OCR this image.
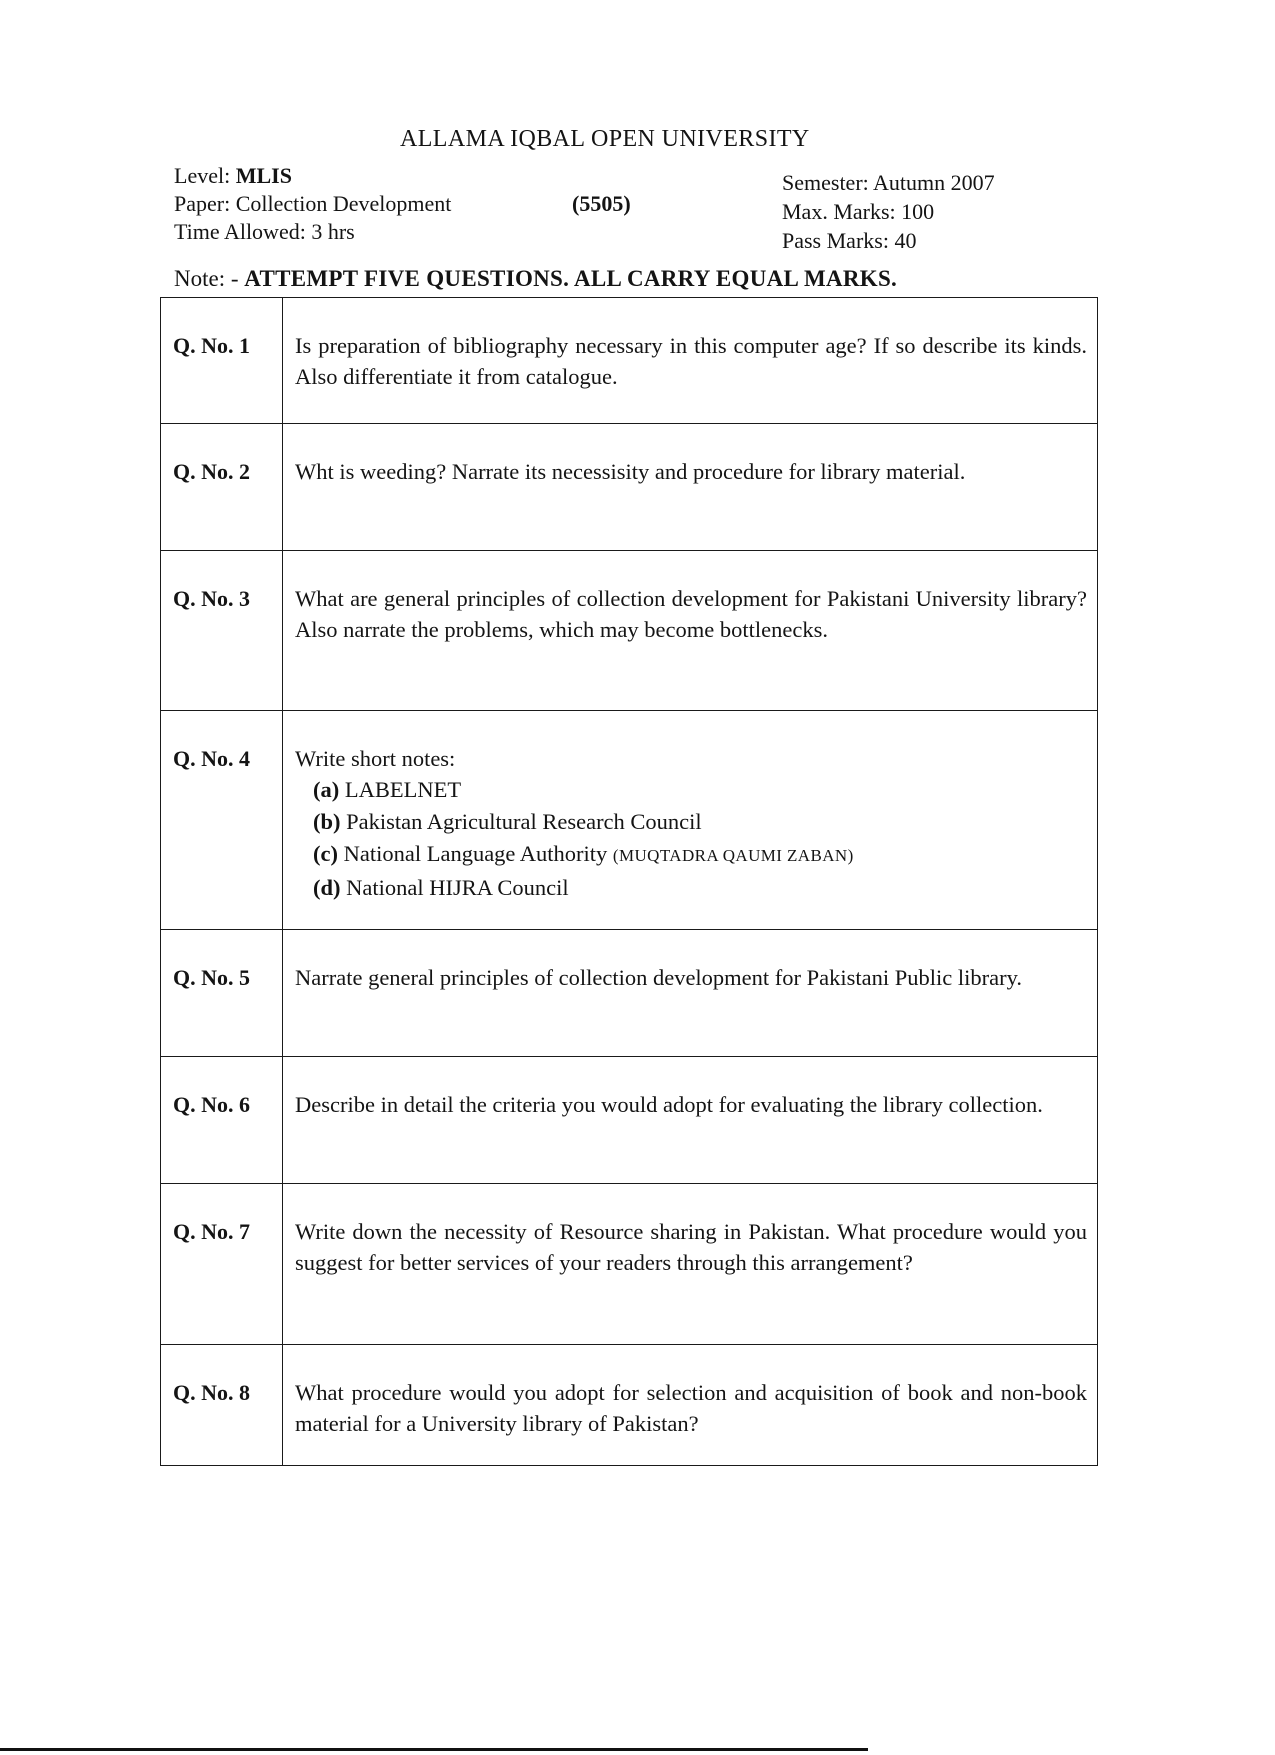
ALLAMA IQBAL OPEN UNIVERSITY
Level: MLIS
Paper: Collection Development	(5505)
Time Allowed: 3 hrs
Semester: Autumn 2007
Max. Marks: 100
Pass Marks: 40
Note: - ATTEMPT FIVE QUESTIONS. ALL CARRY EQUAL MARKS.
Q. No. 1	Is preparation of bibliography necessary in this computer age? If so describe its kinds. Also differentiate it from catalogue.
Q. No. 2	Wht is weeding? Narrate its necessisity and procedure for library material.
Q. No. 3	What are general principles of collection development for Pakistani University library? Also narrate the problems, which may become bottlenecks.
Q. No. 4	Write short notes:
(a) LABELNET
(b) Pakistan Agricultural Research Council
(c) National Language Authority (MUQTADRA QAUMI ZABAN)
(d) National HIJRA Council
Q. No. 5	Narrate general principles of collection development for Pakistani Public library.
Q. No. 6	Describe in detail the criteria you would adopt for evaluating the library collection.
Q. No. 7	Write down the necessity of Resource sharing in Pakistan. What procedure would you suggest for better services of your readers through this arrangement?
Q. No. 8	What procedure would you adopt for selection and acquisition of book and non-book material for a University library of Pakistan?
